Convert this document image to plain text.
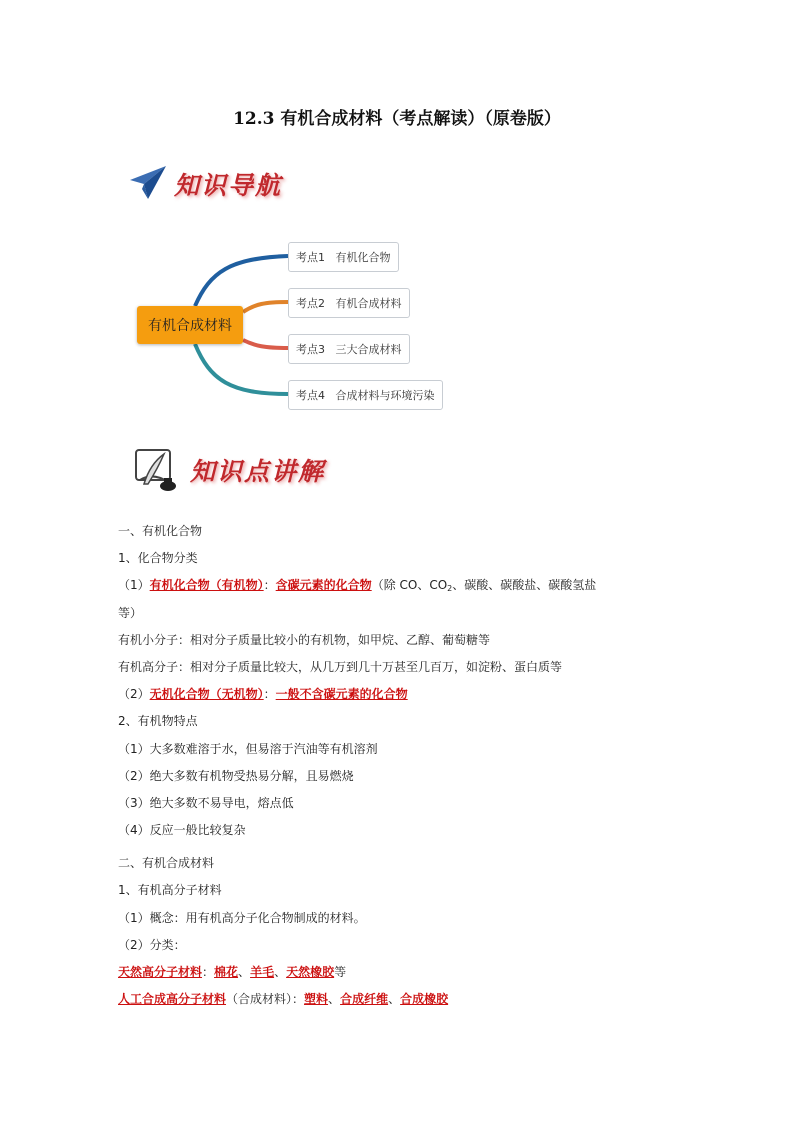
12.3 有机合成材料（考点解读）（原卷版）
知识导航
有机合成材料
考点1   有机化合物
考点2   有机合成材料
考点3   三大合成材料
考点4   合成材料与环境污染
知识点讲解
一、有机化合物
1、化合物分类
（1）有机化合物（有机物）：含碳元素的化合物（除 CO、$CO_2$、碳酸、碳酸盐、碳酸氢盐
等）
有机小分子：相对分子质量比较小的有机物，如甲烷、乙醇、葡萄糖等
有机高分子：相对分子质量比较大，从几万到几十万甚至几百万，如淀粉、蛋白质等
（2）无机化合物（无机物）：一般不含碳元素的化合物
2、有机物特点
（1）大多数难溶于水，但易溶于汽油等有机溶剂
（2）绝大多数有机物受热易分解，且易燃烧
（3）绝大多数不易导电，熔点低
（4）反应一般比较复杂
二、有机合成材料
1、有机高分子材料
（1）概念：用有机高分子化合物制成的材料。
（2）分类：
天然高分子材料：棉花、羊毛、天然橡胶等
人工合成高分子材料（合成材料）：塑料、合成纤维、合成橡胶
